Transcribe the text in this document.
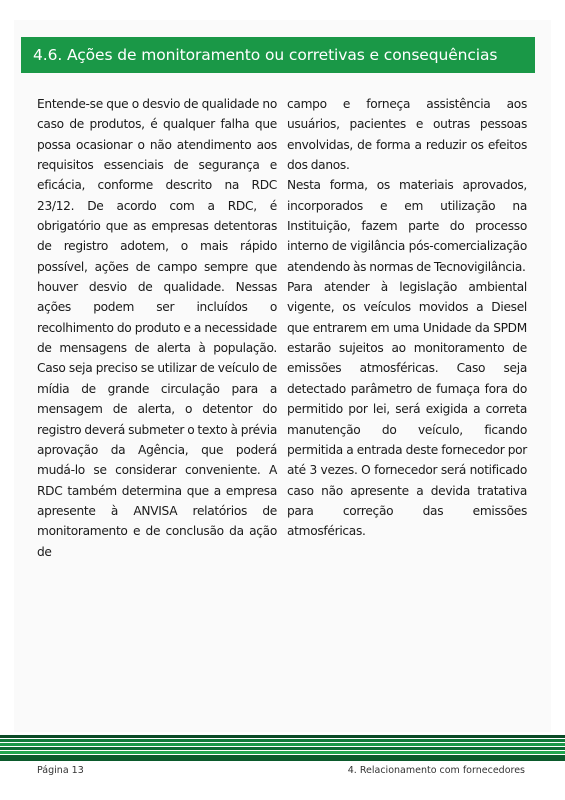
4.6. Ações de monitoramento ou corretivas e consequências

Entende-se que o desvio de qualidade no caso de produtos, é qualquer falha que possa ocasionar o não atendimento aos requisitos essenciais de segurança e eficácia, conforme descrito na RDC 23/12. De acordo com a RDC, é obrigatório que as empresas detentoras de registro adotem, o mais rápido possível, ações de campo sempre que houver desvio de qualidade. Nessas ações podem ser incluídos o recolhimento do produto e a necessidade de mensagens de alerta à população. Caso seja preciso se utilizar de veículo de mídia de grande circulação para a mensagem de alerta, o detentor do registro deverá submeter o texto à prévia aprovação da Agência, que poderá mudá-lo se considerar conveniente. A RDC também determina que a empresa apresente à ANVISA relatórios de monitoramento e de conclusão da ação de

campo e forneça assistência aos usuários, pacientes e outras pessoas envolvidas, de forma a reduzir os efeitos dos danos.

Nesta forma, os materiais aprovados, incorporados e em utilização na Instituição, fazem parte do processo interno de vigilância pós-comercialização atendendo às normas de Tecnovigilância.

Para atender à legislação ambiental vigente, os veículos movidos a Diesel que entrarem em uma Unidade da SPDM estarão sujeitos ao monitoramento de emissões atmosféricas. Caso seja detectado parâmetro de fumaça fora do permitido por lei, será exigida a correta manutenção do veículo, ficando permitida a entrada deste fornecedor por até 3 vezes. O fornecedor será notificado caso não apresente a devida tratativa para correção das emissões atmosféricas.

Página 13	4. Relacionamento com fornecedores
